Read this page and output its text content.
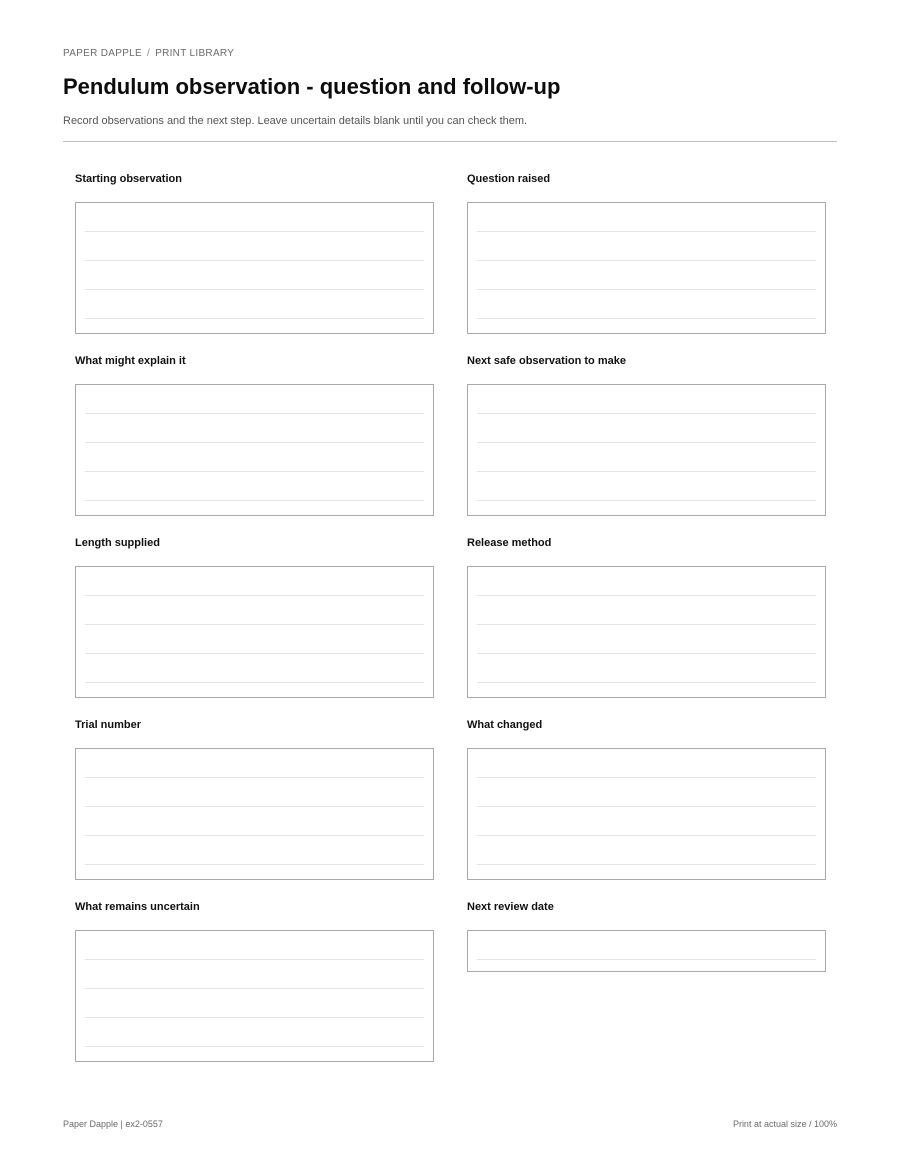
PAPER DAPPLE / PRINT LIBRARY
Pendulum observation - question and follow-up
Record observations and the next step. Leave uncertain details blank until you can check them.
Starting observation	Question raised
What might explain it	Next safe observation to make
Length supplied	Release method
Trial number	What changed
What remains uncertain	Next review date
Paper Dapple | ex2-0557	Print at actual size / 100%
